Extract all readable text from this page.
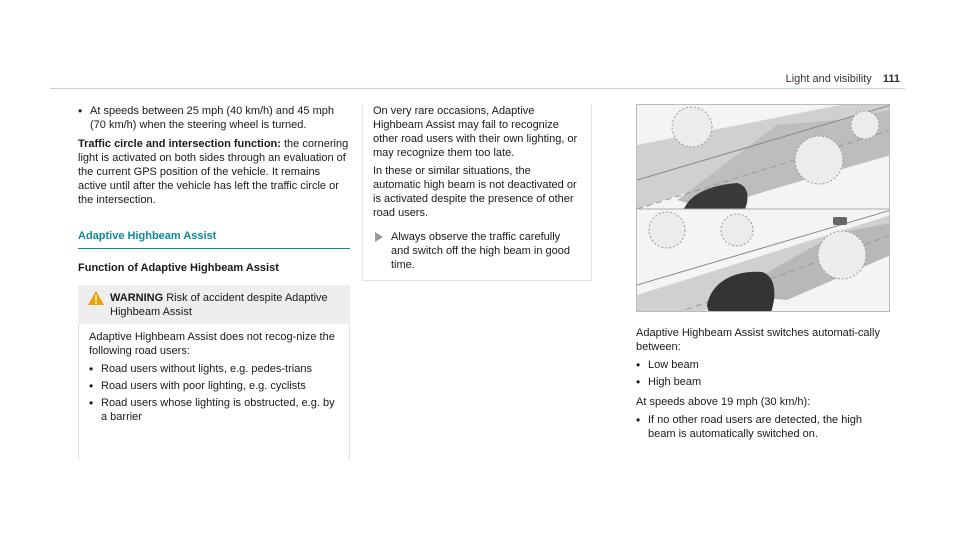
Light and visibility 111
• At speeds between 25 mph (40 km/h) and 45 mph (70 km/h) when the steering wheel is turned.

Traffic circle and intersection function: the cornering light is activated on both sides through an evaluation of the current GPS position of the vehicle. It remains active until after the vehicle has left the traffic circle or the intersection.

Adaptive Highbeam Assist
Function of Adaptive Highbeam Assist
WARNING Risk of accident despite Adaptive Highbeam Assist

Adaptive Highbeam Assist does not recog-nize the following road users:

• Road users without lights, e.g. pedes-trians
• Road users with poor lighting, e.g. cyclists
• Road users whose lighting is obstructed, e.g. by a barrier

On very rare occasions, Adaptive Highbeam Assist may fail to recognize other road users with their own lighting, or may recognize them too late.

In these or similar situations, the automatic high beam is not deactivated or is activated despite the presence of other road users.

Always observe the traffic carefully and switch off the high beam in good time.

Adaptive Highbeam Assist switches automati-cally between:

• Low beam
• High beam

At speeds above 19 mph (30 km/h):

• If no other road users are detected, the high beam is automatically switched on.
